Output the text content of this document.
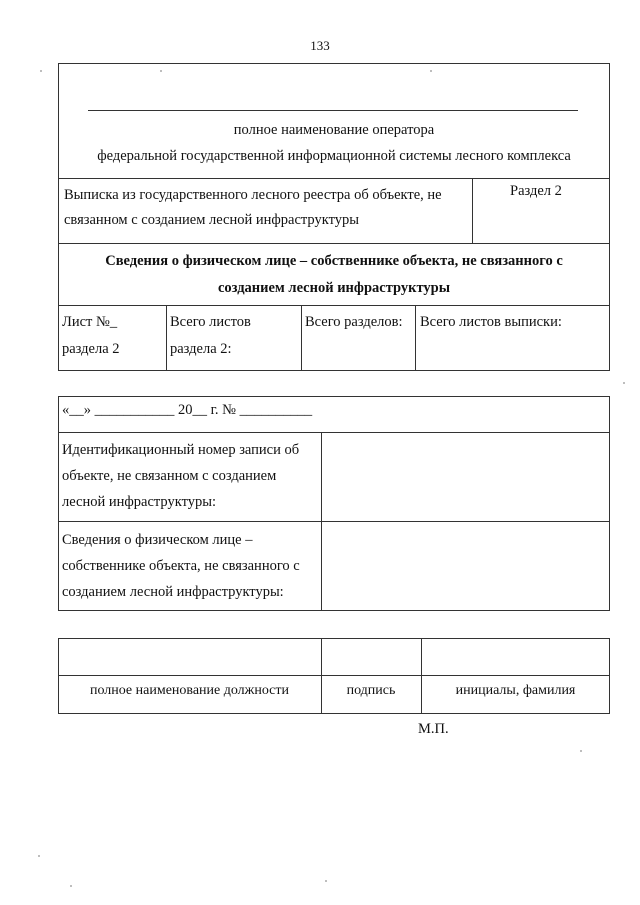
133
полное наименование оператора
федеральной государственной информационной системы лесного комплекса
Выписка из государственного лесного реестра об объекте, не
связанном с созданием лесной инфраструктуры
Раздел 2
Сведения о физическом лице – собственнике объекта, не связанного с
созданием лесной инфраструктуры
Лист №_
раздела 2
Всего листов
раздела 2:
Всего разделов: Всего листов выписки:
«__» ___________ 20__ г. № __________
Идентификационный номер записи об
объекте, не связанном с созданием
лесной инфраструктуры:
Сведения о физическом лице –
собственнике объекта, не связанного с
созданием лесной инфраструктуры:
полное наименование должности	подпись	инициалы, фамилия
М.П.
